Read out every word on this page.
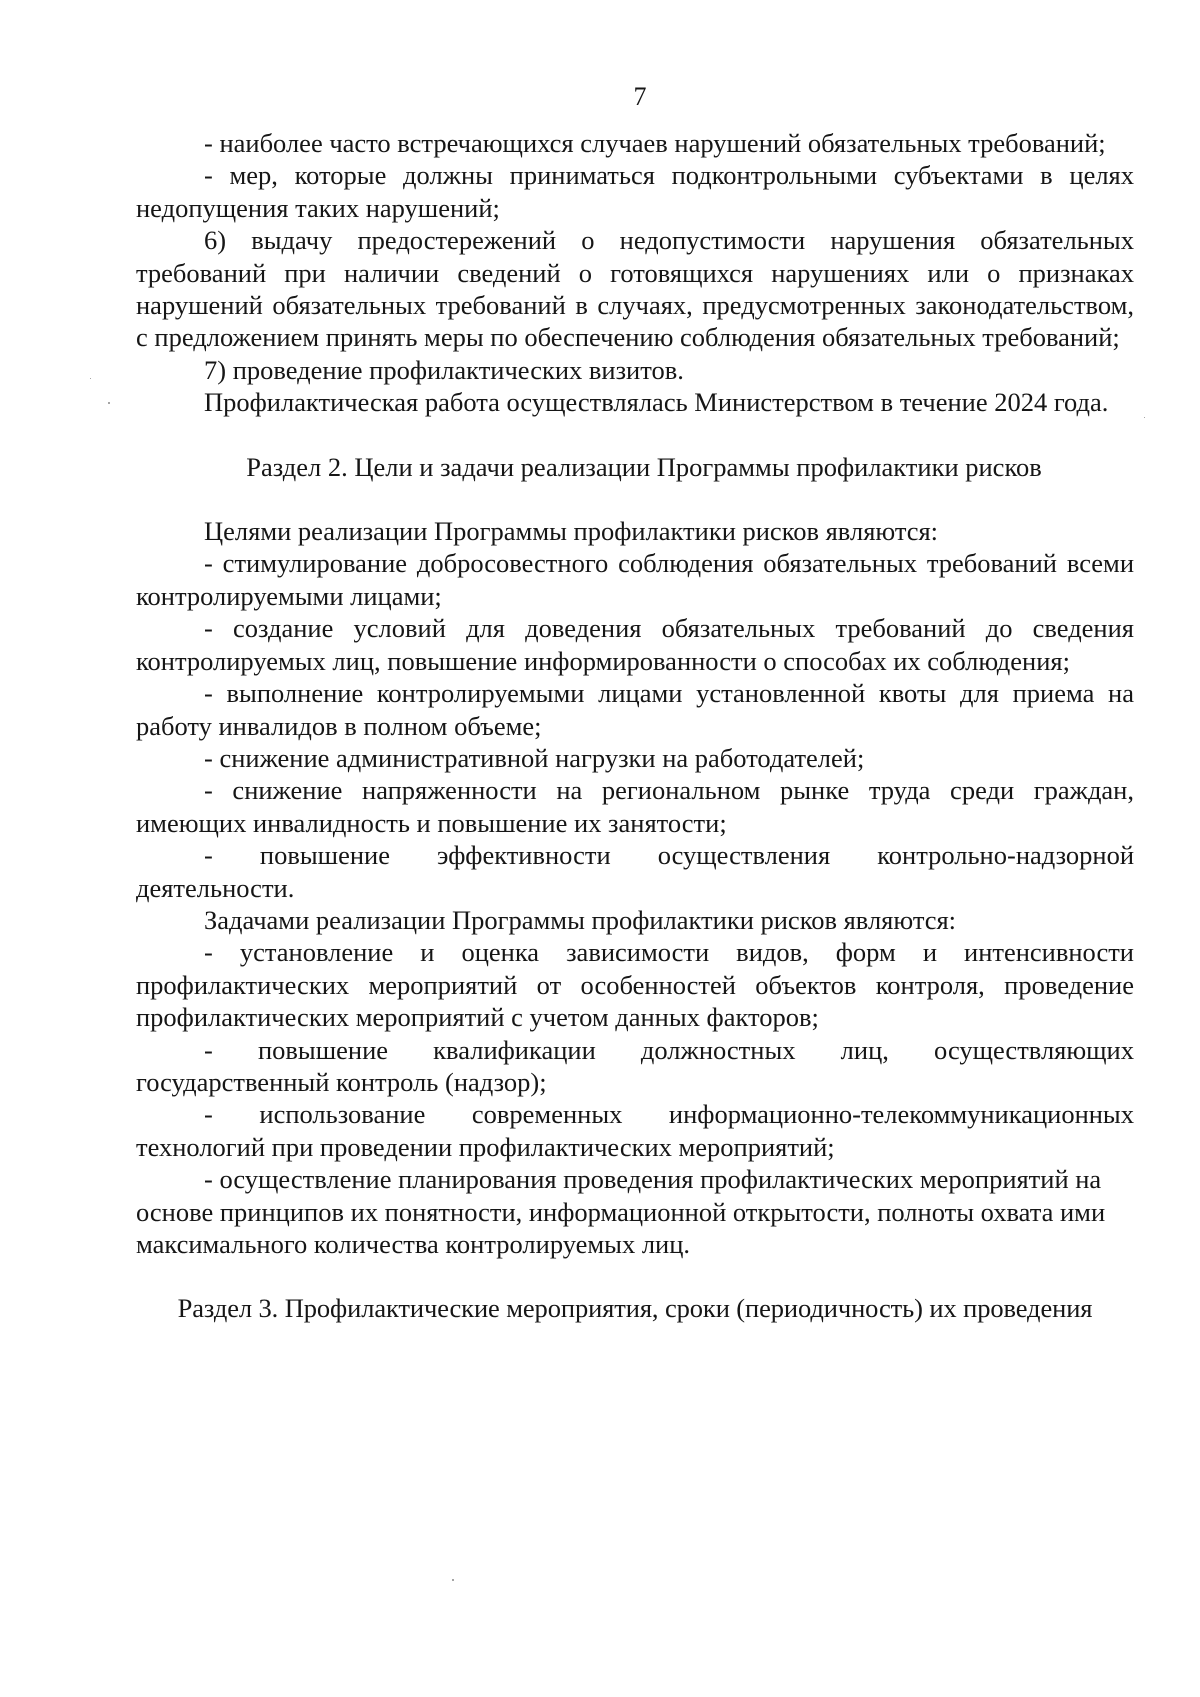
7

- наиболее часто встречающихся случаев нарушений обязательных требований;

- мер, которые должны приниматься подконтрольными субъектами в целях недопущения таких нарушений;

6) выдачу предостережений о недопустимости нарушения обязательных требований при наличии сведений о готовящихся нарушениях или о признаках нарушений обязательных требований в случаях, предусмотренных законодательством, с предложением принять меры по обеспечению соблюдения обязательных требований;

7) проведение профилактических визитов.

Профилактическая работа осуществлялась Министерством в течение 2024 года.

Раздел 2. Цели и задачи реализации Программы профилактики рисков

Целями реализации Программы профилактики рисков являются:

- стимулирование добросовестного соблюдения обязательных требований всеми контролируемыми лицами;

- создание условий для доведения обязательных требований до сведения контролируемых лиц, повышение информированности о способах их соблюдения;

- выполнение контролируемыми лицами установленной квоты для приема на работу инвалидов в полном объеме;

- снижение административной нагрузки на работодателей;

- снижение напряженности на региональном рынке труда среди граждан, имеющих инвалидность и повышение их занятости;

- повышение эффективности осуществления контрольно-надзорной деятельности.

Задачами реализации Программы профилактики рисков являются:

- установление и оценка зависимости видов, форм и интенсивности профилактических мероприятий от особенностей объектов контроля, проведение профилактических мероприятий с учетом данных факторов;

- повышение квалификации должностных лиц, осуществляющих государственный контроль (надзор);

- использование современных информационно-телекоммуникационных технологий при проведении профилактических мероприятий;

- осуществление планирования проведения профилактических мероприятий на основе принципов их понятности, информационной открытости, полноты охвата ими максимального количества контролируемых лиц.

Раздел 3. Профилактические мероприятия, сроки (периодичность) их проведения
